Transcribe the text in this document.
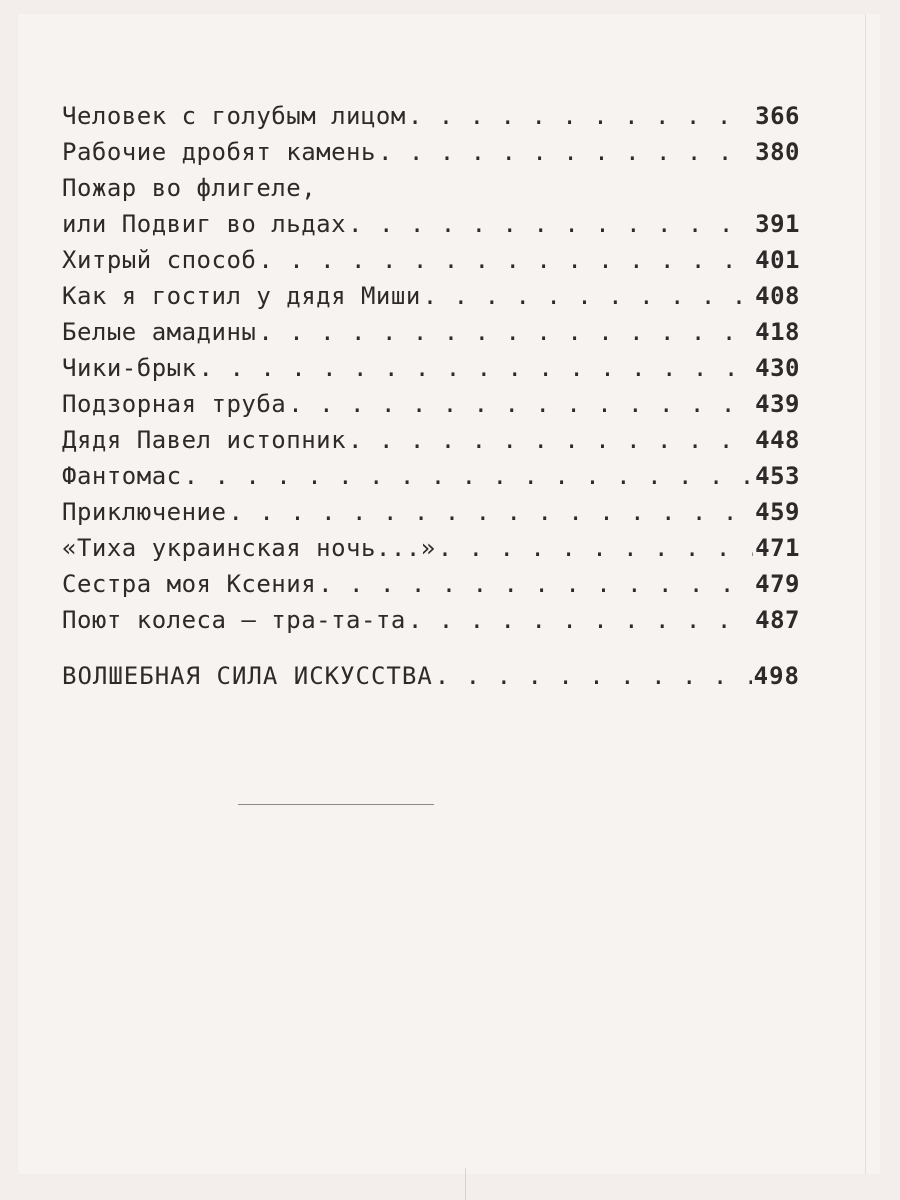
Человек с голубым лицом . . .	366
Рабочие дробят камень . . .	380
Пожар во флигеле,
или Подвиг во льдах . . .	391
Хитрый способ . . .	401
Как я гостил у дядя Миши . . .	408
Белые амадины . . .	418
Чики-брык . . .	430
Подзорная труба . . .	439
Дядя Павел истопник . . .	448
Фантомас . . .	453
Приключение . . .	459
«Тиха украинская ночь...» . . .	471
Сестра моя Ксения . . .	479
Поют колеса — тра-та-та . . .	487
ВОЛШЕБНАЯ СИЛА ИСКУССТВА . . .	498
